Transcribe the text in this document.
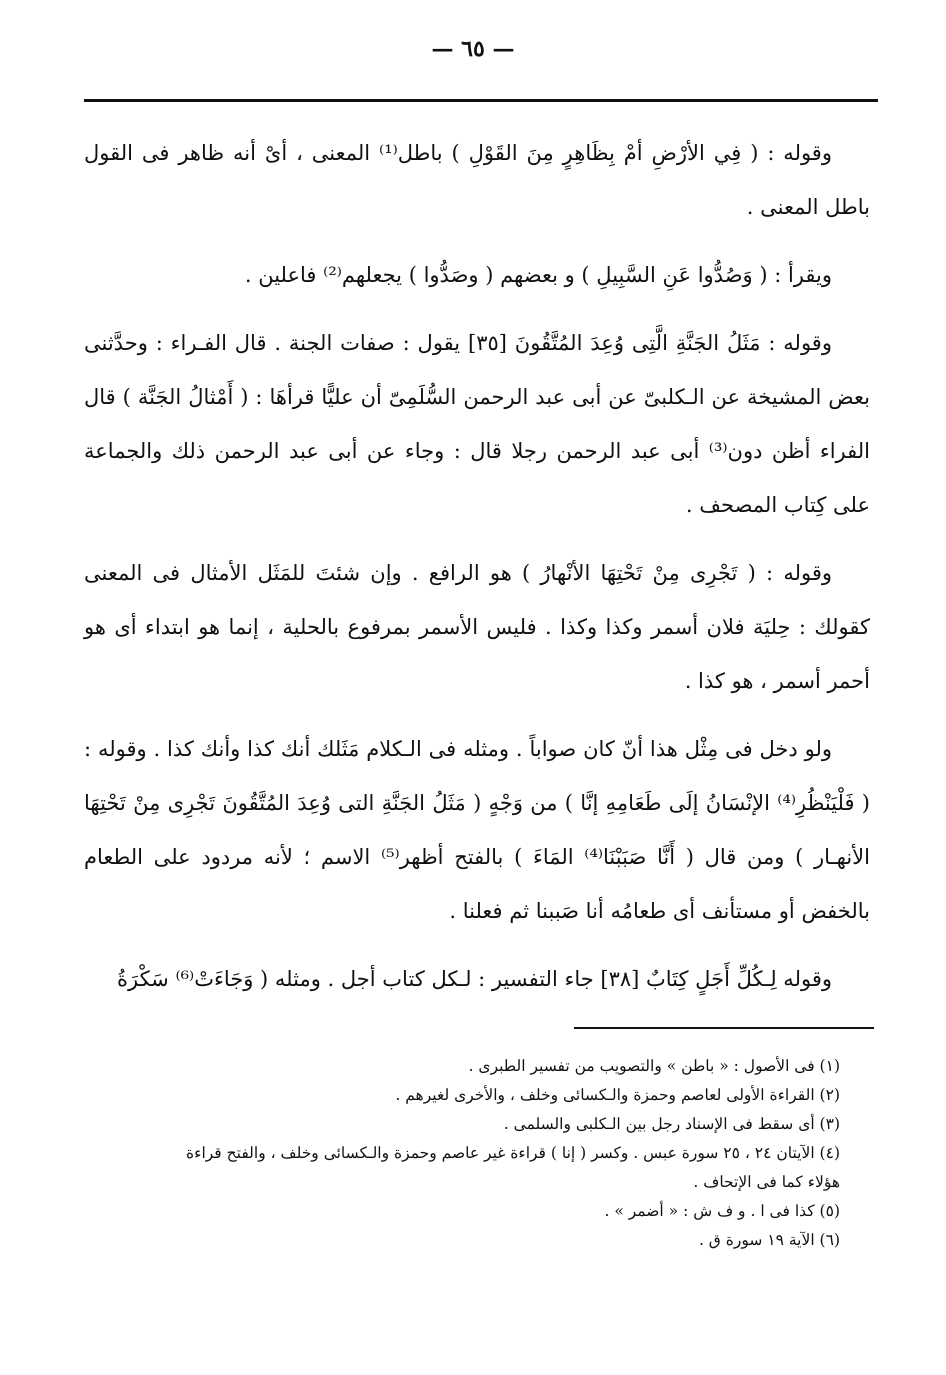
— ٦٥ —

وقوله : ( فِي الأرْضِ أمْ بِظَاهِرٍ مِنَ القَوْلِ ) باطل⁽¹⁾ المعنى ، أىْ أنه ظاهر فى القول باطل المعنى .

ويقرأ : ( وَصُدُّوا عَنِ السَّبِيلِ ) و بعضهم ( وصَدُّوا ) يجعلهم⁽²⁾ فاعلين .

وقوله : مَثَلُ الجَنَّةِ الَّتِى وُعِدَ المُتَّقُونَ [٣٥] يقول : صفات الجنة . قال الفـراء : وحدَّثنى بعض المشيخة عن الـكلبىّ عن أبى عبد الرحمن السُّلَمِىّ أن عليًّا قرأهَا : ( أَمْثالُ الجَنَّة ) قال الفراء أظن دون⁽³⁾ أبى عبد الرحمن رجلا قال : وجاء عن أبى عبد الرحمن ذلك والجماعة على كِتاب المصحف .

وقوله : ( تَجْرِى مِنْ تَحْتِهَا الأنْهارُ ) هو الرافع . وإن شئتَ للمَثَل الأمثال فى المعنى كقولك : حِليَة فلان أسمر وكذا وكذا . فليس الأسمر بمرفوع بالحلية ، إنما هو ابتداء أى هو أحمر أسمر ، هو كذا .

ولو دخل فى مِثْل هذا أنّ كان صواباً . ومثله فى الـكلام مَثَلك أنك كذا وأنك كذا . وقوله : ( فَلْيَنْظُرِ⁽⁴⁾ الإنْسَانُ إلَى طَعَامِهِ إنَّا ) من وَجْهٍ ( مَثَلُ الجَنَّةِ التى وُعِدَ المُتَّقُونَ تَجْرِى مِنْ تَحْتِهَا الأنهـار ) ومن قال ( أَنَّا صَبَبْنَا⁽⁴⁾ المَاءَ ) بالفتح أظهر⁽⁵⁾ الاسم ؛ لأنه مردود على الطعام بالخفض أو مستأنف أى طعامُه أنا صَببنا ثم فعلنا .

وقوله لِـكُلِّ أَجَلٍ كِتَابٌ [٣٨] جاء التفسير : لـكل كتاب أجل . ومثله ( وَجَاءَتْ⁽⁶⁾ سَكْرَةُ

(١) فى الأصول : « باطن » والتصويب من تفسير الطبرى .
(٢) القراءة الأولى لعاصم وحمزة والـكسائى وخلف ، والأخرى لغيرهم .
(٣) أى سقط فى الإسناد رجل بين الـكلبى والسلمى .
(٤) الآيتان ٢٤ ، ٢٥ سورة عبس . وكسر ( إنا ) قراءة غير عاصم وحمزة والـكسائى وخلف ، والفتح قراءة
هؤلاء كما فى الإتحاف .
(٥) كذا فى ا . و ف ش : « أضمر » .
(٦) الآية ١٩ سورة ق .
